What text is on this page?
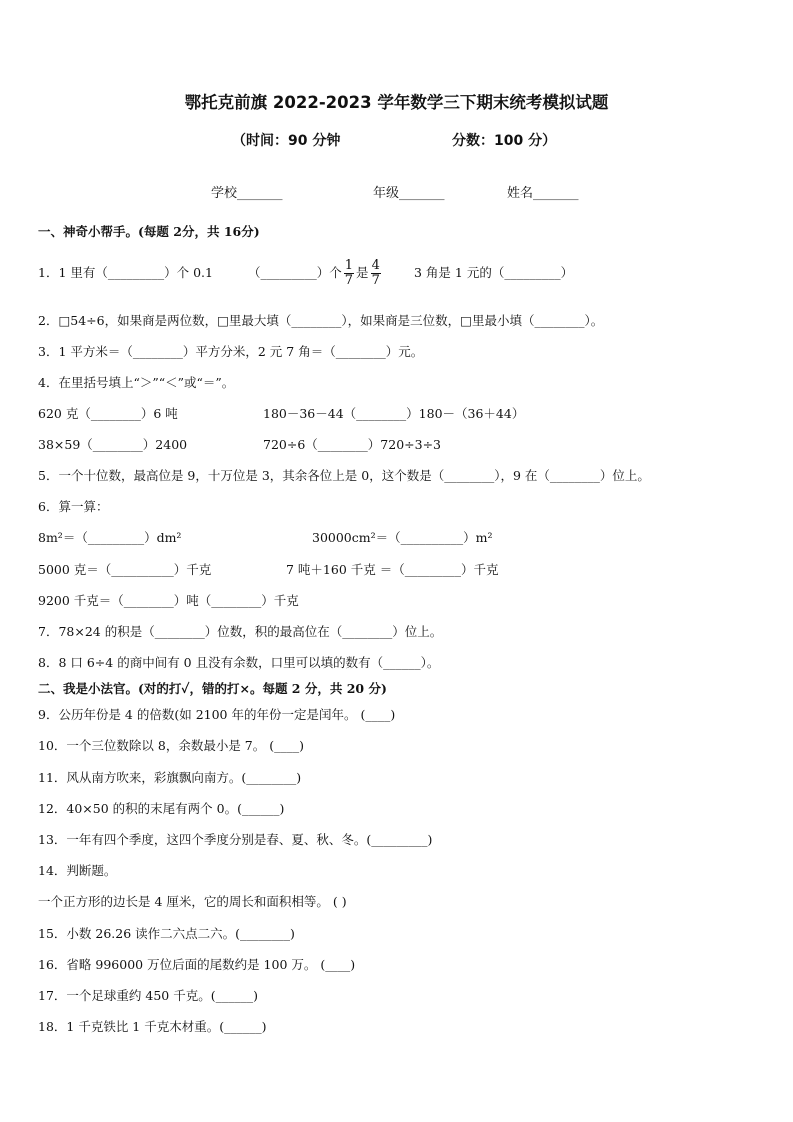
鄂托克前旗 2022-2023 学年数学三下期末统考模拟试题
（时间：90 分钟	分数：100 分）
学校_______	年级_______	姓名_______
一、神奇小帮手。(每题 2分，共 16分)
1．1 里有（_________）个 0.1	（_________）个 $\frac{1}{7}$ 是 $\frac{4}{7}$	3 角是 1 元的（_________）
2．□54÷6，如果商是两位数，□里最大填（________），如果商是三位数，□里最小填（________）。
3．1 平方米＝（________）平方分米，2 元 7 角＝（________）元。
4．在里括号填上“＞”“＜”或“＝”。
620 克（________）6 吨	180－36－44（________）180－（36＋44）
38×59（________）2400	720÷6（________）720÷3÷3
5．一个十位数，最高位是 9，十万位是 3，其余各位上是 0，这个数是（________），9 在（________）位上。
6．算一算：
8m²＝（_________）dm²	30000cm²＝（__________）m²
5000 克＝（__________）千克	7 吨＋160 千克 ＝（_________）千克
9200 千克＝（________）吨（________）千克
7．78×24 的积是（________）位数，积的最高位在（________）位上。
8．8 口 6÷4 的商中间有 0 且没有余数，口里可以填的数有（______）。
二、我是小法官。(对的打✓，错的打×。每题 2 分，共 20 分)
9．公历年份是 4 的倍数(如 2100 年的年份一定是闰年。 (____)
10．一个三位数除以 8，余数最小是 7。 (____)
11．风从南方吹来，彩旗飘向南方。(________)
12．40×50 的积的末尾有两个 0。(______)
13．一年有四个季度，这四个季度分别是春、夏、秋、冬。(_________)
14．判断题。
一个正方形的边长是 4 厘米，它的周长和面积相等。 ( )
15．小数 26.26 读作二六点二六。(________)
16．省略 996000 万位后面的尾数约是 100 万。 (____)
17．一个足球重约 450 千克。(______)
18．1 千克铁比 1 千克木材重。(______)
